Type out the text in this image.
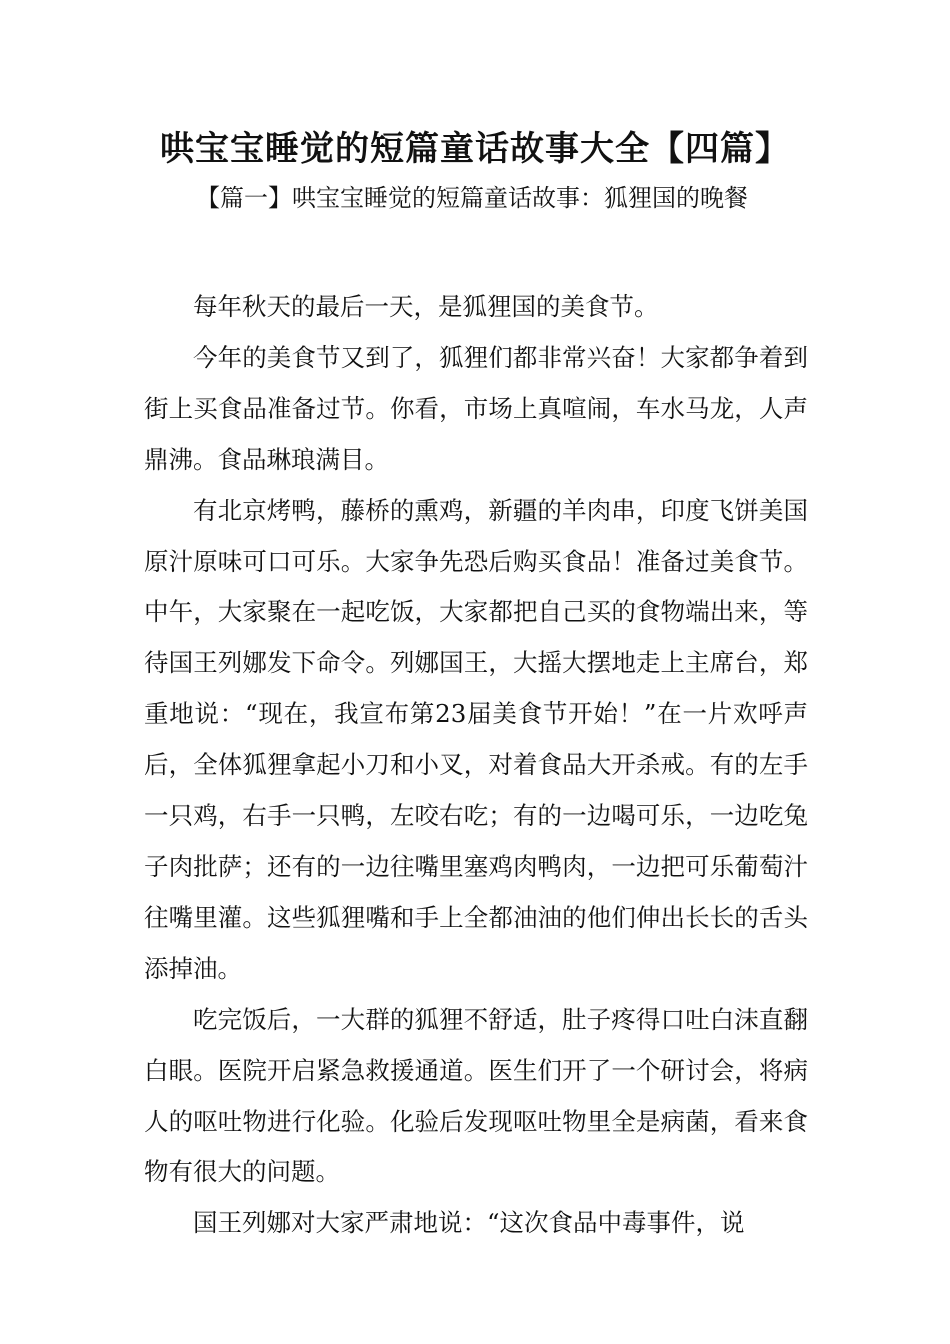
哄宝宝睡觉的短篇童话故事大全【四篇】
【篇一】哄宝宝睡觉的短篇童话故事：狐狸国的晚餐

每年秋天的最后一天，是狐狸国的美食节。

今年的美食节又到了，狐狸们都非常兴奋！大家都争着到街上买食品准备过节。你看，市场上真喧闹，车水马龙，人声鼎沸。食品琳琅满目。

有北京烤鸭，藤桥的熏鸡，新疆的羊肉串，印度飞饼美国原汁原味可口可乐。大家争先恐后购买食品！准备过美食节。中午，大家聚在一起吃饭，大家都把自己买的食物端出来，等待国王列娜发下命令。列娜国王，大摇大摆地走上主席台，郑重地说：“现在，我宣布第23届美食节开始！”在一片欢呼声后，全体狐狸拿起小刀和小叉，对着食品大开杀戒。有的左手一只鸡，右手一只鸭，左咬右吃；有的一边喝可乐，一边吃兔子肉批萨；还有的一边往嘴里塞鸡肉鸭肉，一边把可乐葡萄汁往嘴里灌。这些狐狸嘴和手上全都油油的他们伸出长长的舌头添掉油。

吃完饭后，一大群的狐狸不舒适，肚子疼得口吐白沫直翻白眼。医院开启紧急救援通道。医生们开了一个研讨会，将病人的呕吐物进行化验。化验后发现呕吐物里全是病菌，看来食物有很大的问题。

国王列娜对大家严肃地说：“这次食品中毒事件，说
